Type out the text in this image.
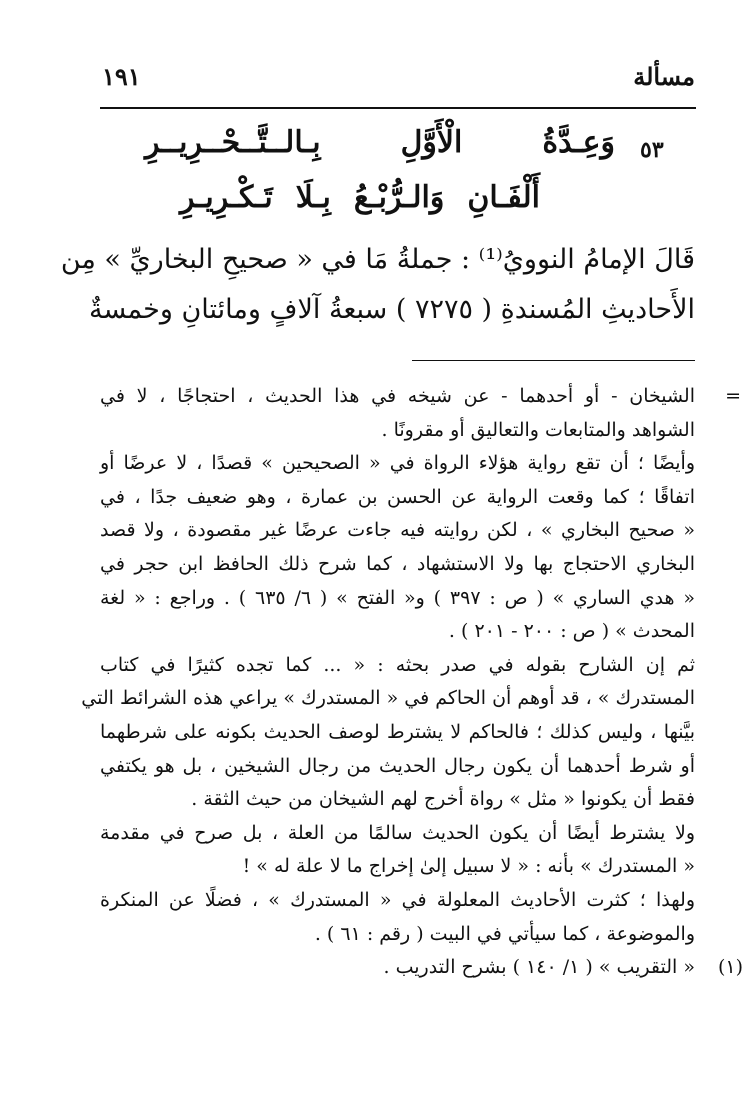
مسألة
١٩١
٥٣
وَعِـدَّةُ الْأَوَّلِ بِـالــتَّــحْــرِيــرِ
أَلْفَـانِ وَالـرُّبْـعُ بِـلَا تَـكْـرِيـرِ
قَالَ الإمامُ النوويُ⁽¹⁾ : جملةُ مَا في « صحيحِ البخاريِّ » مِن
الأَحاديثِ المُسندةِ ( ٧٢٧٥ ) سبعةُ آلافٍ ومائتانِ وخمسةٌ
=
الشيخان - أو أحدهما - عن شيخه في هذا الحديث ، احتجاجًا ، لا في
الشواهد والمتابعات والتعاليق أو مقرونًا .
وأيضًا ؛ أن تقع رواية هؤلاء الرواة في « الصحيحين » قصدًا ، لا عرضًا أو
اتفاقًا ؛ كما وقعت الرواية عن الحسن بن عمارة ، وهو ضعيف جدًا ، في
« صحيح البخاري » ، لكن روايته فيه جاءت عرضًا غير مقصودة ، ولا قصد
البخاري الاحتجاج بها ولا الاستشهاد ، كما شرح ذلك الحافظ ابن حجر في
« هدي الساري » ( ص : ٣٩٧ ) و« الفتح » ( ٦/ ٦٣٥ ) . وراجع : « لغة
المحدث » ( ص : ٢٠٠ - ٢٠١ ) .
ثم إن الشارح بقوله في صدر بحثه : « ... كما تجده كثيرًا في كتاب
المستدرك » ، قد أوهم أن الحاكم في « المستدرك » يراعي هذه الشرائط التي
بيَّنها ، وليس كذلك ؛ فالحاكم لا يشترط لوصف الحديث بكونه على شرطهما
أو شرط أحدهما أن يكون رجال الحديث من رجال الشيخين ، بل هو يكتفي
فقط أن يكونوا « مثل » رواة أخرج لهم الشيخان من حيث الثقة .
ولا يشترط أيضًا أن يكون الحديث سالمًا من العلة ، بل صرح في مقدمة
« المستدرك » بأنه : « لا سبيل إلىٰ إخراج ما لا علة له » !
ولهذا ؛ كثرت الأحاديث المعلولة في « المستدرك » ، فضلًا عن المنكرة
والموضوعة ، كما سيأتي في البيت ( رقم : ٦١ ) .
(١)
« التقريب » ( ١/ ١٤٠ ) بشرح التدريب .
